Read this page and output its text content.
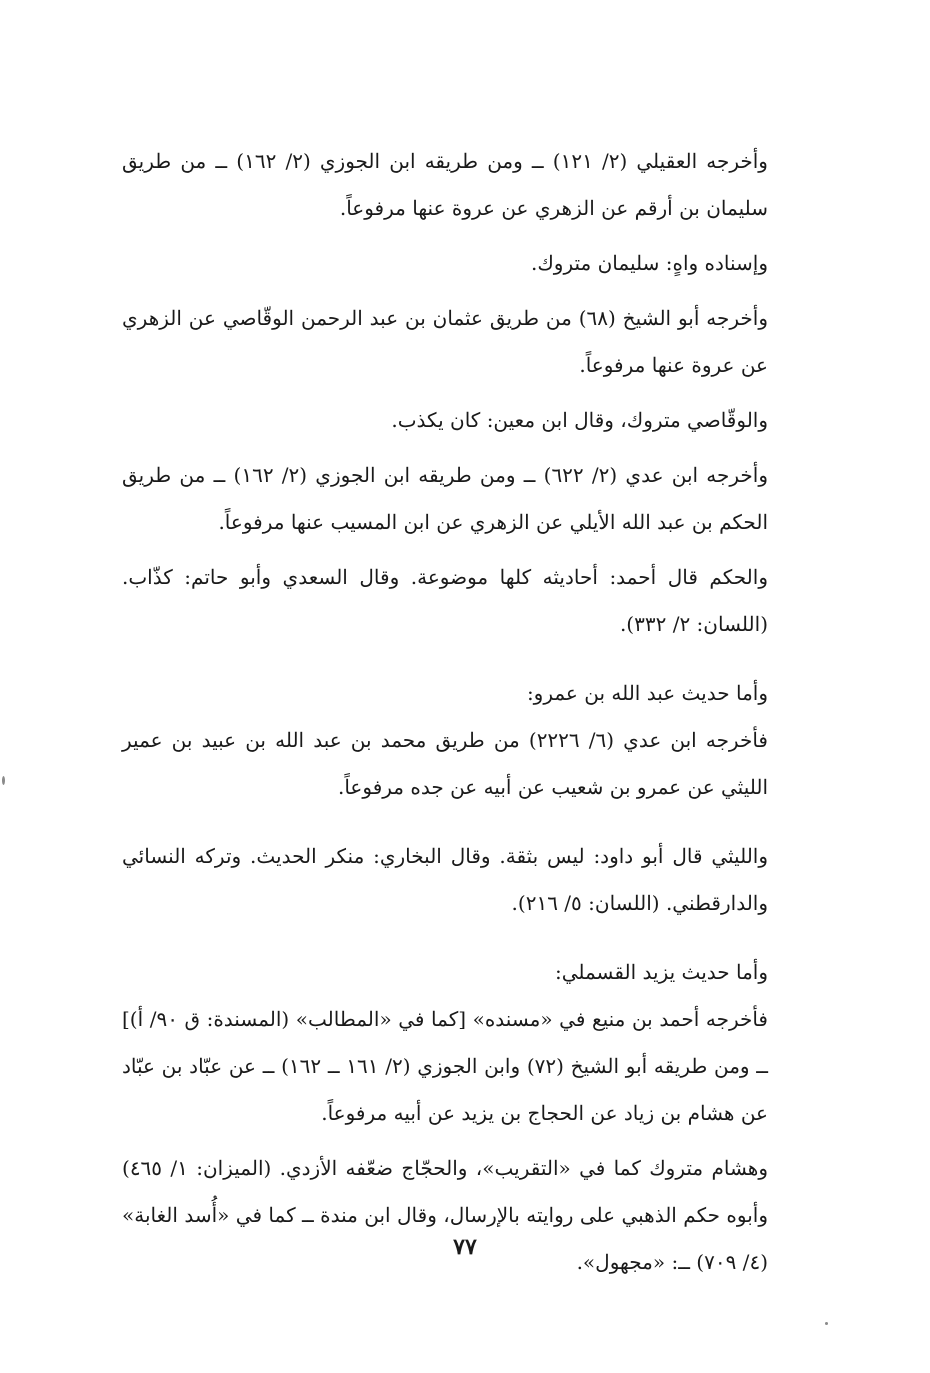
وأخرجه العقيلي (٢/ ١٢١) ــ ومن طريقه ابن الجوزي (٢/ ١٦٢) ــ من طريق سليمان بن أرقم عن الزهري عن عروة عنها مرفوعاً.

وإسناده واهٍ: سليمان متروك.

وأخرجه أبو الشيخ (٦٨) من طريق عثمان بن عبد الرحمن الوقّاصي عن الزهري عن عروة عنها مرفوعاً.

والوقّاصي متروك، وقال ابن معين: كان يكذب.

وأخرجه ابن عدي (٢/ ٦٢٢) ــ ومن طريقه ابن الجوزي (٢/ ١٦٢) ــ من طريق الحكم بن عبد الله الأيلي عن الزهري عن ابن المسيب عنها مرفوعاً.

والحكم قال أحمد: أحاديثه كلها موضوعة. وقال السعدي وأبو حاتم: كذّاب. (اللسان: ٢/ ٣٣٢).

وأما حديث عبد الله بن عمرو:

فأخرجه ابن عدي (٦/ ٢٢٢٦) من طريق محمد بن عبد الله بن عبيد بن عمير الليثي عن عمرو بن شعيب عن أبيه عن جده مرفوعاً.

والليثي قال أبو داود: ليس بثقة. وقال البخاري: منكر الحديث. وتركه النسائي والدارقطني. (اللسان: ٥/ ٢١٦).

وأما حديث يزيد القسملي:

فأخرجه أحمد بن منيع في «مسنده» [كما في «المطالب» (المسندة: ق ٩٠/ أ)] ــ ومن طريقه أبو الشيخ (٧٢) وابن الجوزي (٢/ ١٦١ ــ ١٦٢) ــ عن عبّاد بن عبّاد عن هشام بن زياد عن الحجاج بن يزيد عن أبيه مرفوعاً.

وهشام متروك كما في «التقريب»، والحجّاج ضعّفه الأزدي. (الميزان: ١/ ٤٦٥) وأبوه حكم الذهبي على روايته بالإرسال، وقال ابن مندة ــ كما في «أُسد الغابة» (٤/ ٧٠٩) ــ: «مجهول».

٧٧
